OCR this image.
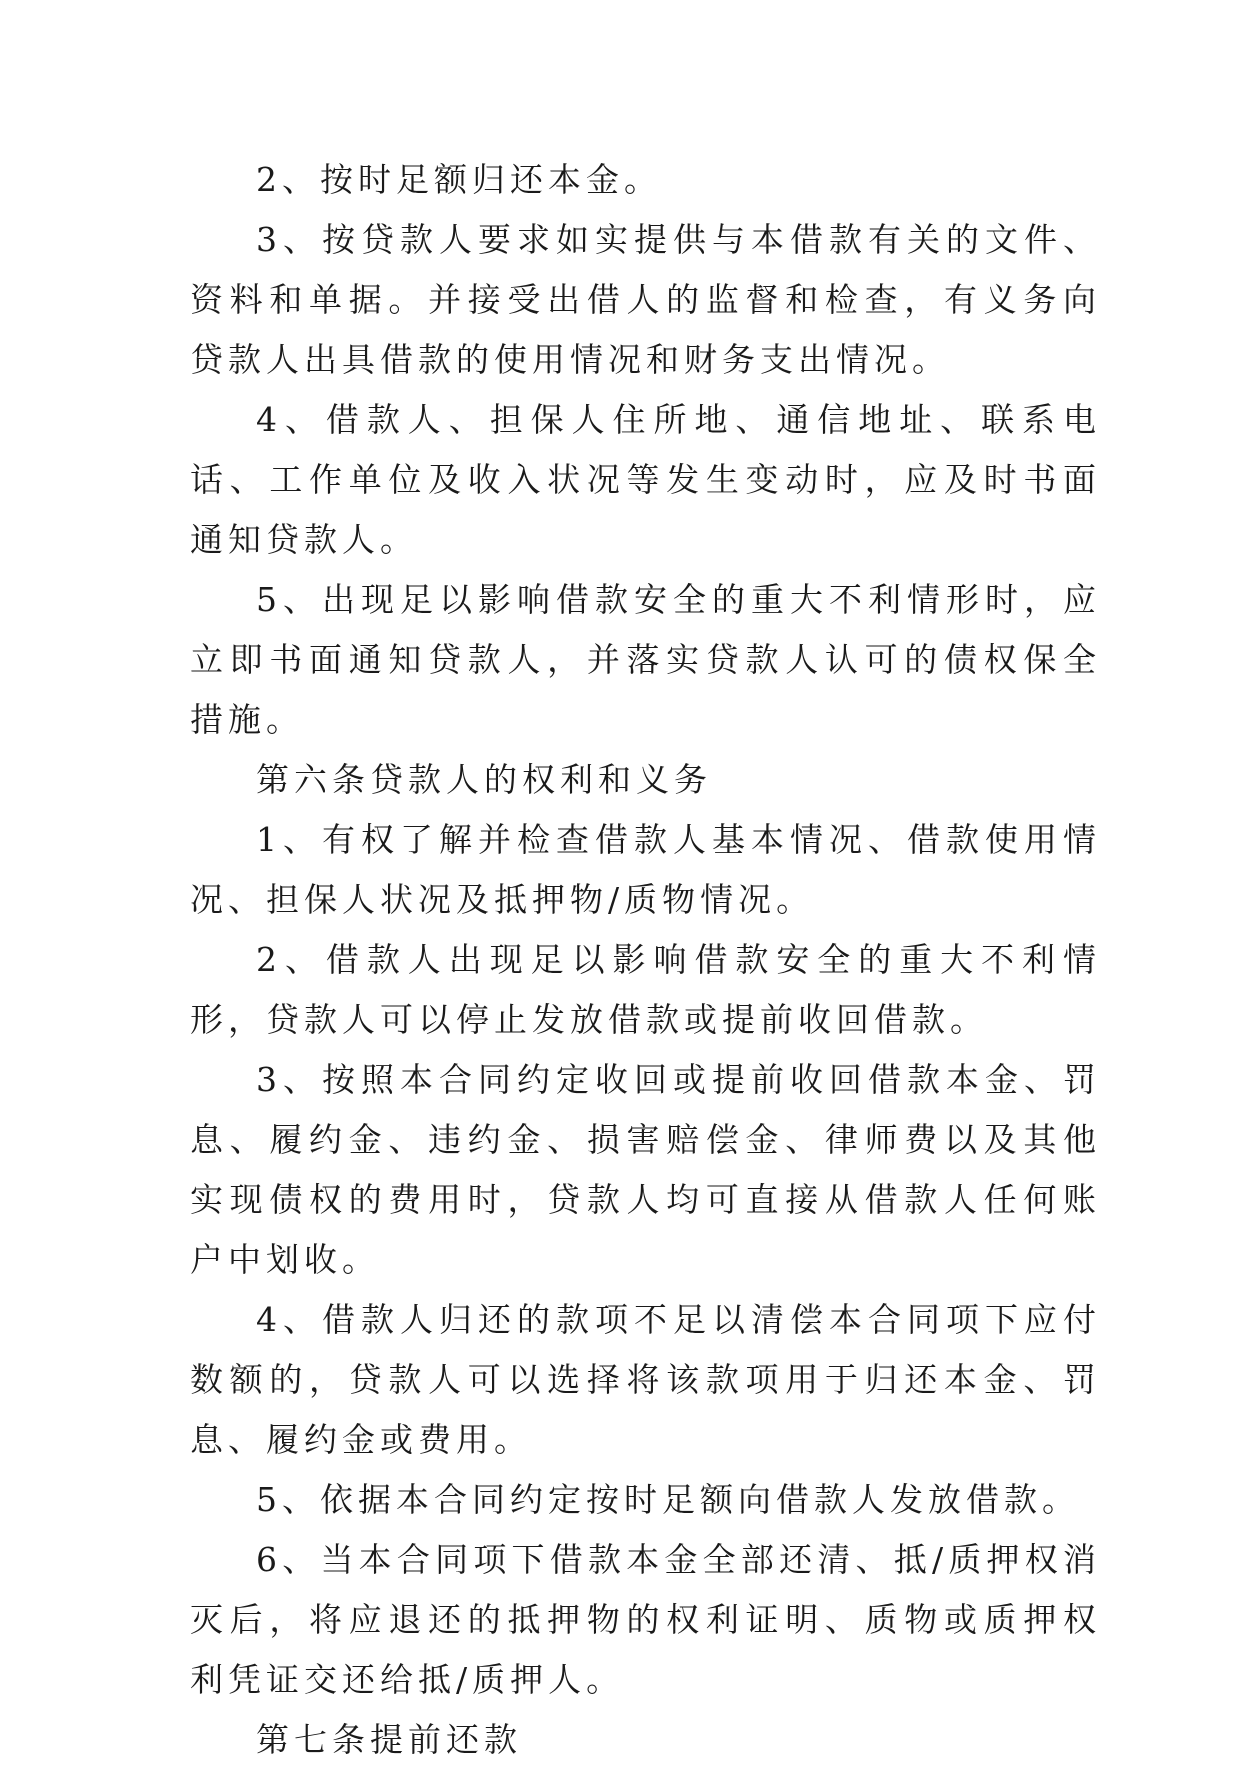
2、按时足额归还本金。

3、按贷款人要求如实提供与本借款有关的文件、资料和单据。并接受出借人的监督和检查，有义务向贷款人出具借款的使用情况和财务支出情况。

4、借款人、担保人住所地、通信地址、联系电话、工作单位及收入状况等发生变动时，应及时书面通知贷款人。

5、出现足以影响借款安全的重大不利情形时，应立即书面通知贷款人，并落实贷款人认可的债权保全措施。

第六条贷款人的权利和义务

1、有权了解并检查借款人基本情况、借款使用情况、担保人状况及抵押物/质物情况。

2、借款人出现足以影响借款安全的重大不利情形，贷款人可以停止发放借款或提前收回借款。

3、按照本合同约定收回或提前收回借款本金、罚息、履约金、违约金、损害赔偿金、律师费以及其他实现债权的费用时，贷款人均可直接从借款人任何账户中划收。

4、借款人归还的款项不足以清偿本合同项下应付数额的，贷款人可以选择将该款项用于归还本金、罚息、履约金或费用。

5、依据本合同约定按时足额向借款人发放借款。

6、当本合同项下借款本金全部还清、抵/质押权消灭后，将应退还的抵押物的权利证明、质物或质押权利凭证交还给抵/质押人。

第七条提前还款
